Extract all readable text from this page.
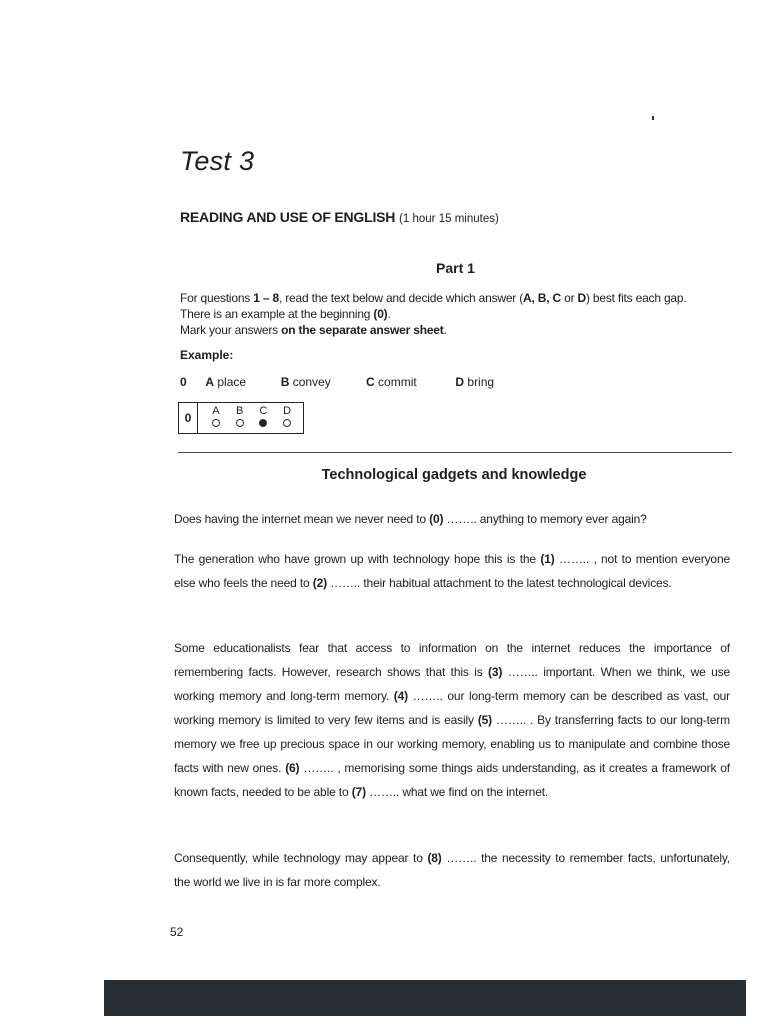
Test 3
READING AND USE OF ENGLISH (1 hour 15 minutes)
Part 1
For questions 1 – 8, read the text below and decide which answer (A, B, C or D) best fits each gap.
There is an example at the beginning (0).
Mark your answers on the separate answer sheet.
Example:
0 A place	B convey	C commit	D bring
0	A B C D
Technological gadgets and knowledge
Does having the internet mean we never need to (0) …….. anything to memory ever again?
The generation who have grown up with technology hope this is the (1) …….. , not to mention everyone else who feels the need to (2) …….. their habitual attachment to the latest technological devices.
Some educationalists fear that access to information on the internet reduces the importance of remembering facts. However, research shows that this is (3) …….. important. When we think, we use working memory and long-term memory. (4) …….. our long-term memory can be described as vast, our working memory is limited to very few items and is easily (5) …….. . By transferring facts to our long-term memory we free up precious space in our working memory, enabling us to manipulate and combine those facts with new ones. (6) …….. , memorising some things aids understanding, as it creates a framework of known facts, needed to be able to (7) …….. what we find on the internet.
Consequently, while technology may appear to (8) …….. the necessity to remember facts, unfortunately, the world we live in is far more complex.
52
